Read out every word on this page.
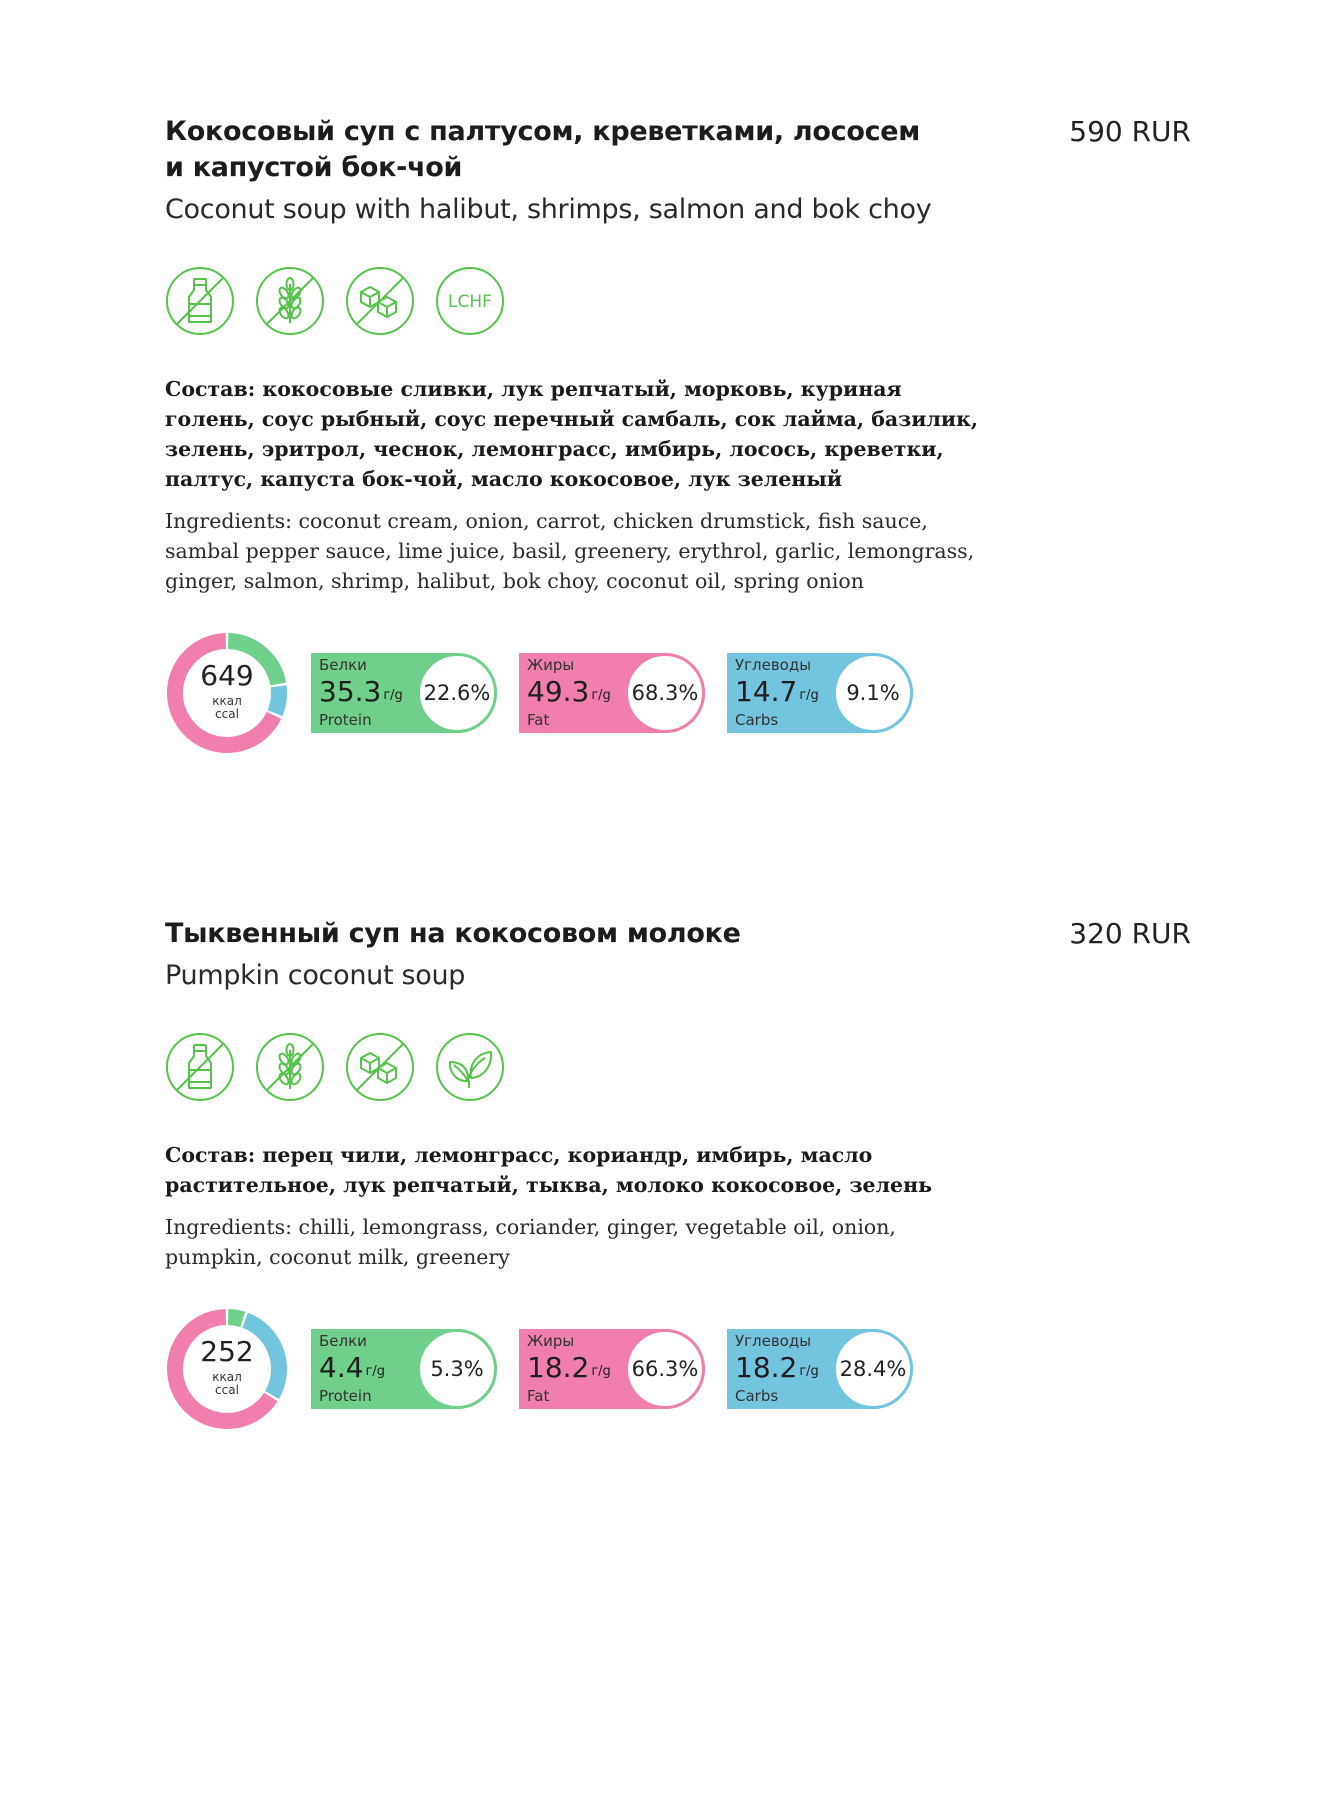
Кокосовый суп с палтусом, креветками, лососем и капустой бок-чой
590 RUR

Coconut soup with halibut, shrimps, salmon and bok choy

LCHF

Состав: кокосовые сливки, лук репчатый, морковь, куриная голень, соус рыбный, соус перечный самбаль, сок лайма, базилик, зелень, эритрол, чеснок, лемонграсс, имбирь, лосось, креветки, палтус, капуста бок-чой, масло кокосовое, лук зеленый

Ingredients: coconut cream, onion, carrot, chicken drumstick, fish sauce, sambal pepper sauce, lime juice, basil, greenery, erythrol, garlic, lemongrass, ginger, salmon, shrimp, halibut, bok choy, coconut oil, spring onion

649
ккал
ccal
Белки
35.3 г/g
Protein
22.6%
Жиры
49.3 г/g
Fat
68.3%
Углеводы
14.7 г/g
Carbs
9.1%
Тыквенный суп на кокосовом молоке	320 RUR

Pumpkin coconut soup

Состав: перец чили, лемонграсс, кориандр, имбирь, масло растительное, лук репчатый, тыква, молоко кокосовое, зелень

Ingredients: chilli, lemongrass, coriander, ginger, vegetable oil, onion, pumpkin, coconut milk, greenery

252
ккал
ccal
Белки
4.4 г/g
Protein
5.3%
Жиры
18.2 г/g
Fat
66.3%
Углеводы
18.2 г/g
Carbs
28.4%
